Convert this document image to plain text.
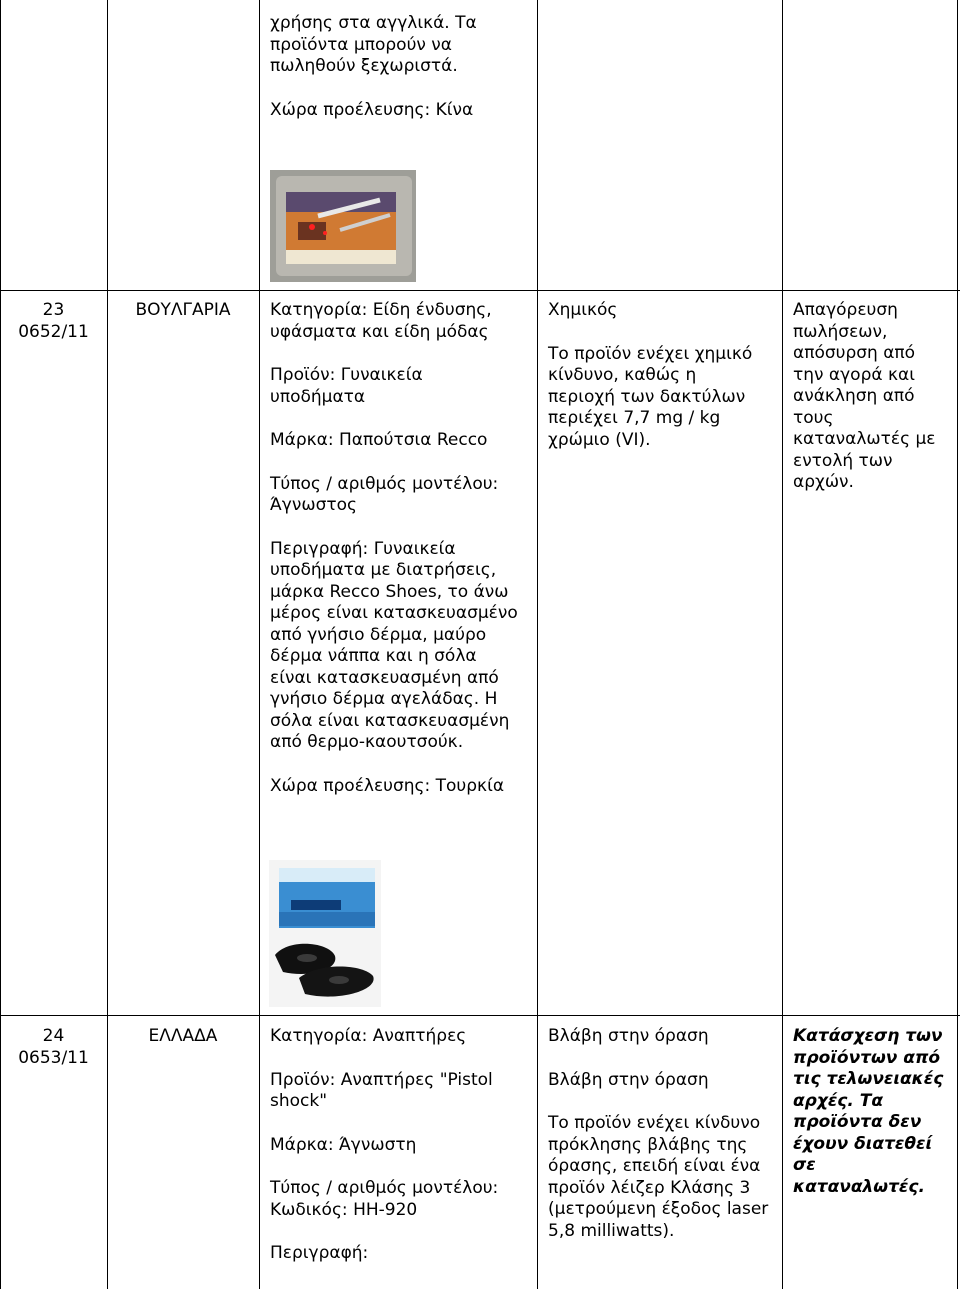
χρήσης στα αγγλικά. Τα
προϊόντα μπορούν να
πωληθούν ξεχωριστά.

Χώρα προέλευσης: Κίνα

23
0652/11
ΒΟΥΛΓΑΡΙΑ	Κατηγορία: Είδη ένδυσης,
υφάσματα και είδη μόδας

Προϊόν: Γυναικεία
υποδήματα

Μάρκα: Παπούτσια Recco

Τύπος / αριθμός μοντέλου:
Άγνωστος

Περιγραφή: Γυναικεία
υποδήματα με διατρήσεις,
μάρκα Recco Shoes, το άνω
μέρος είναι κατασκευασμένο
από γνήσιο δέρμα, μαύρο
δέρμα νάππα και η σόλα
είναι κατασκευασμένη από
γνήσιο δέρμα αγελάδας. Η
σόλα είναι κατασκευασμένη
από θερμο-καουτσούκ.

Χώρα προέλευσης: Τουρκία

Χημικός

Το προϊόν ενέχει χημικό
κίνδυνο, καθώς η
περιοχή των δακτύλων
περιέχει 7,7 mg / kg
χρώμιο (VI).

Απαγόρευση
πωλήσεων,
απόσυρση από
την αγορά και
ανάκληση από
τους
καταναλωτές με
εντολή των
αρχών.

24
0653/11
ΕΛΛΑΔΑ	Κατηγορία: Αναπτήρες

Προϊόν: Αναπτήρες "Pistol
shock"

Μάρκα: Άγνωστη

Τύπος / αριθμός μοντέλου:
Κωδικός: HH-920

Περιγραφή:

Βλάβη στην όραση

Βλάβη στην όραση

Το προϊόν ενέχει κίνδυνο
πρόκλησης βλάβης της
όρασης, επειδή είναι ένα
προϊόν λέιζερ Κλάσης 3
(μετρούμενη έξοδος laser
5,8 milliwatts).

Κατάσχεση των
προϊόντων από
τις τελωνειακές
αρχές. Τα
προϊόντα δεν
έχουν διατεθεί
σε
καταναλωτές.
